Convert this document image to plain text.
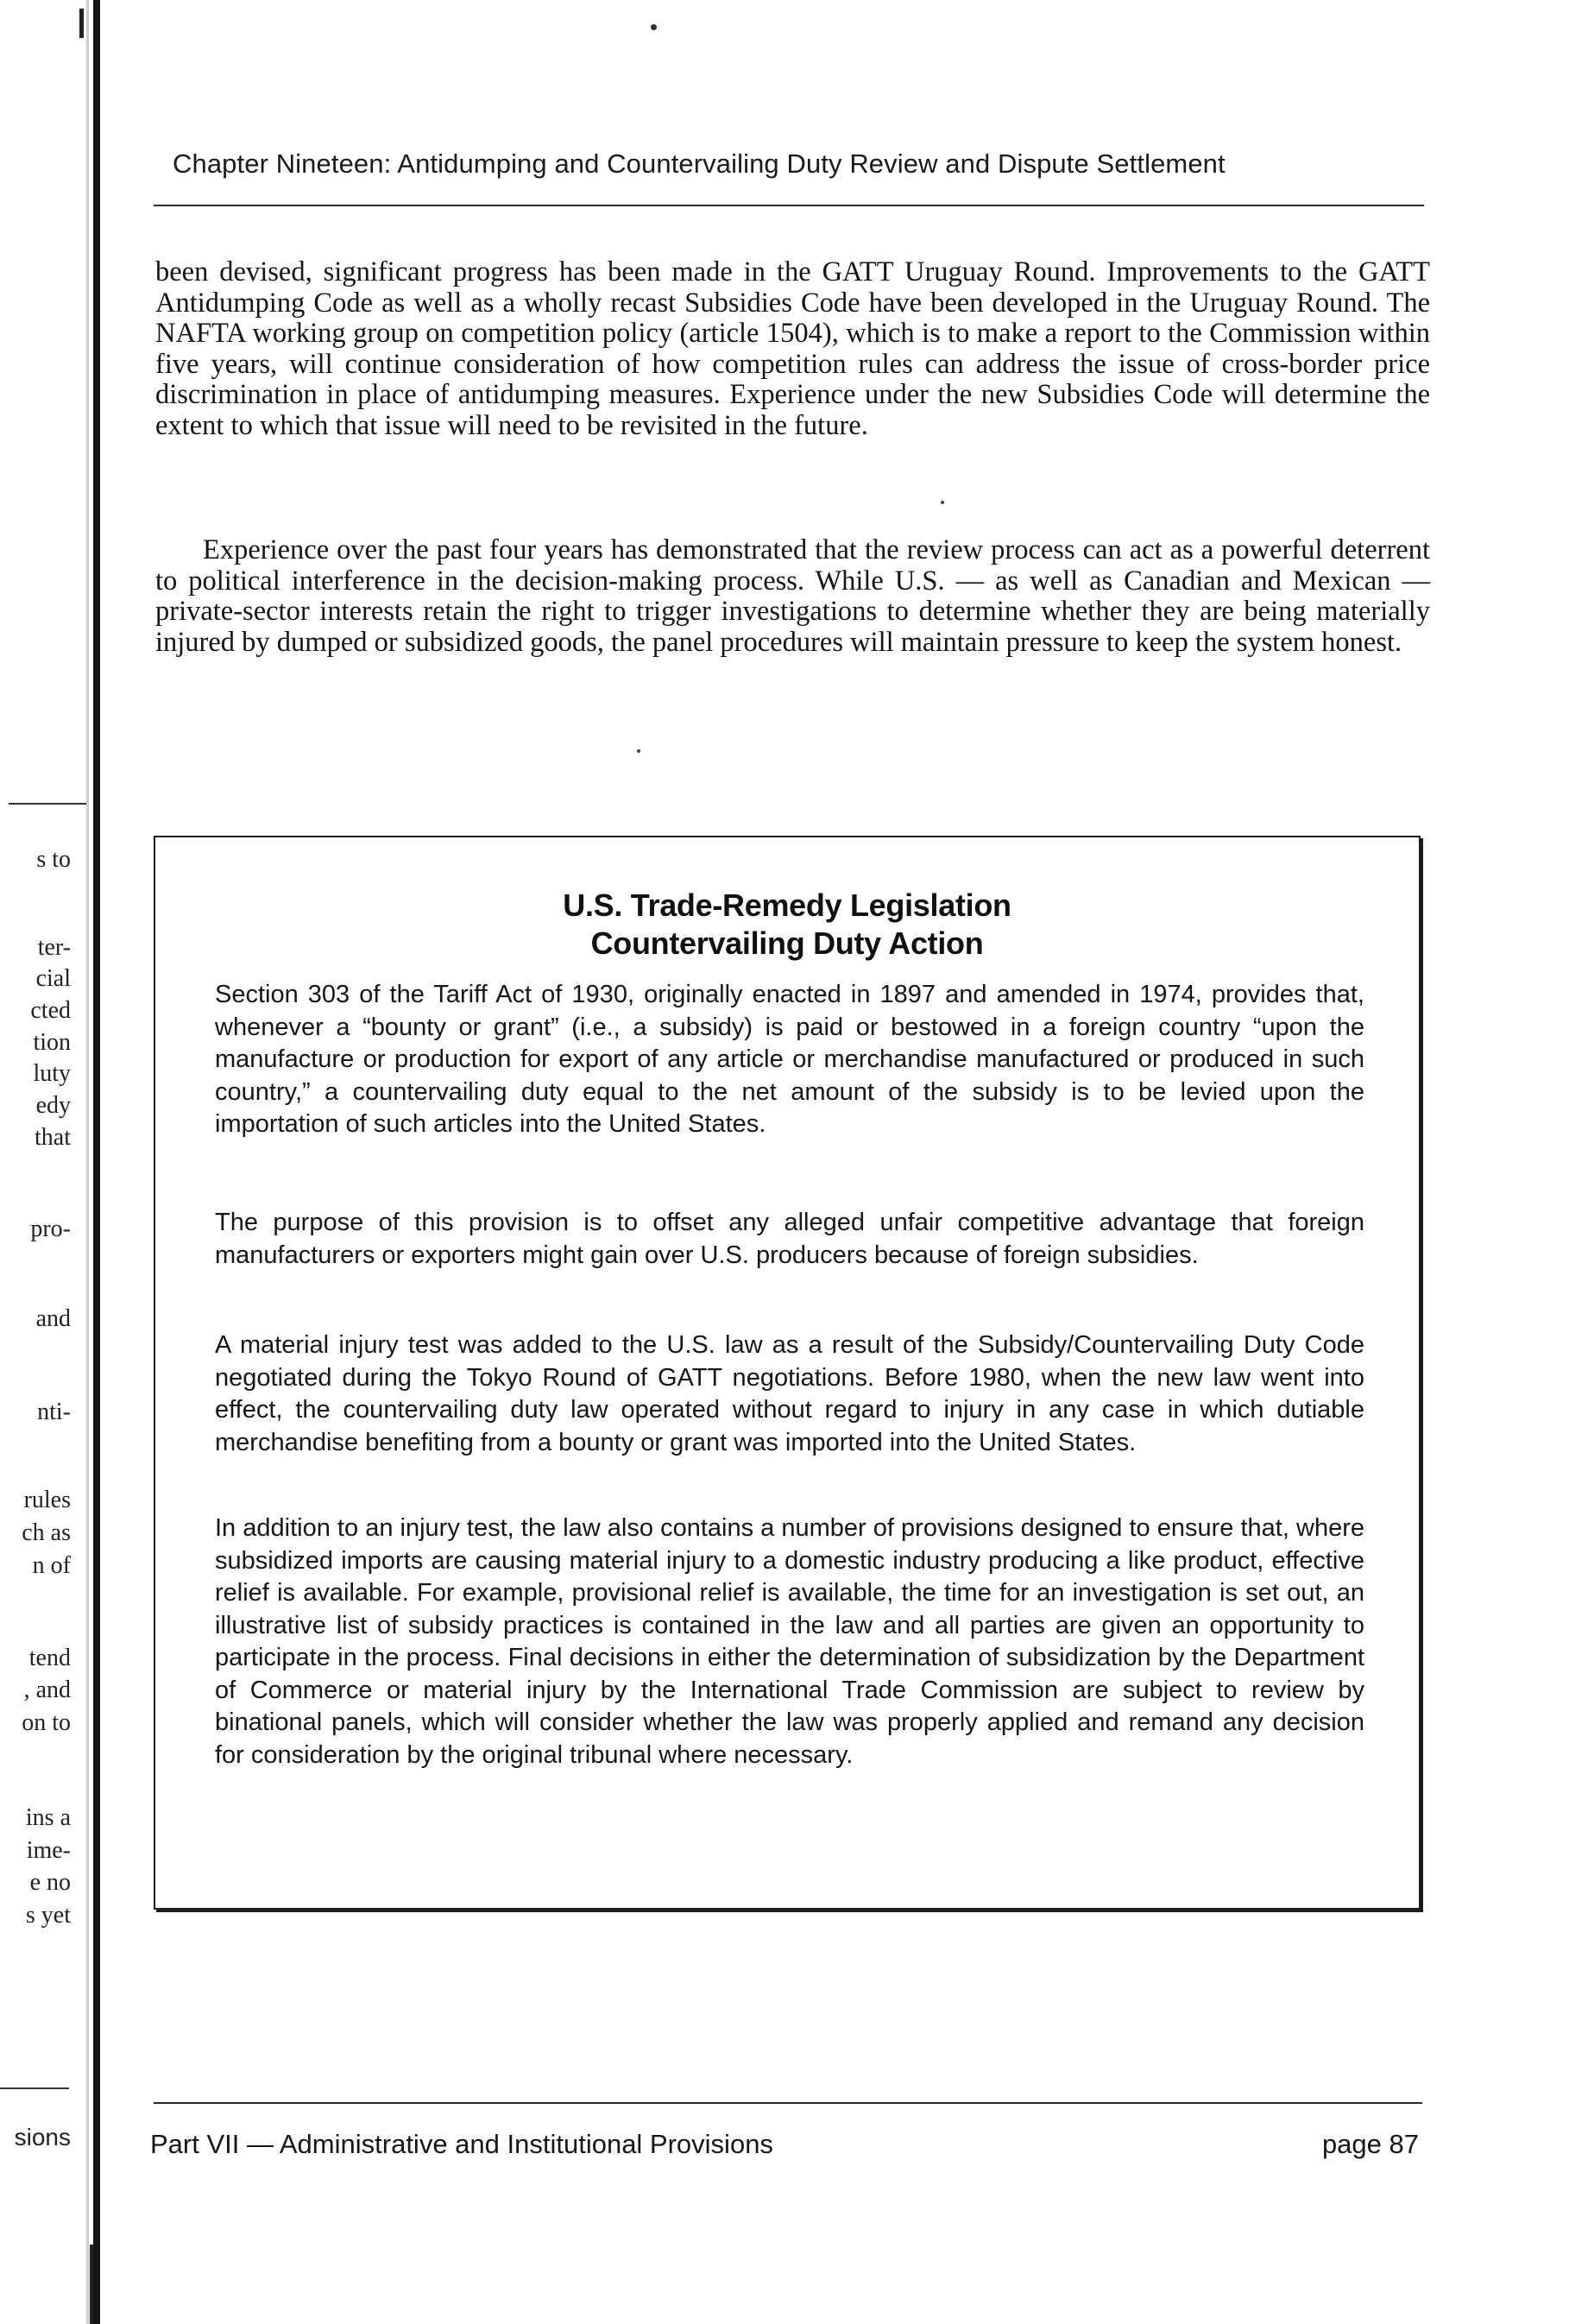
s to
ter-
cial
cted
tion
luty
edy
that
pro-
and
nti-
rules
ch as
n of
tend
, and
on to
ins a
ime-
e no
s yet
sions
Chapter Nineteen: Antidumping and Countervailing Duty Review and Dispute Settlement

been devised, significant progress has been made in the GATT Uruguay Round. Improvements to the GATT Antidumping Code as well as a wholly recast Subsidies Code have been developed in the Uruguay Round. The NAFTA working group on competition policy (article 1504), which is to make a report to the Commission within five years, will continue consideration of how competition rules can address the issue of cross-border price discrimination in place of antidumping measures. Experience under the new Subsidies Code will determine the extent to which that issue will need to be revisited in the future.

Experience over the past four years has demonstrated that the review process can act as a powerful deterrent to political interference in the decision-making process. While U.S. — as well as Canadian and Mexican — private-sector interests retain the right to trigger investigations to determine whether they are being materially injured by dumped or subsidized goods, the panel procedures will maintain pressure to keep the system honest.

U.S. Trade-Remedy Legislation
Countervailing Duty Action

Section 303 of the Tariff Act of 1930, originally enacted in 1897 and amended in 1974, provides that, whenever a “bounty or grant” (i.e., a subsidy) is paid or bestowed in a foreign country “upon the manufacture or production for export of any article or merchandise manufactured or produced in such country,” a countervailing duty equal to the net amount of the subsidy is to be levied upon the importation of such articles into the United States.

The purpose of this provision is to offset any alleged unfair competitive advantage that foreign manufacturers or exporters might gain over U.S. producers because of foreign subsidies.

A material injury test was added to the U.S. law as a result of the Subsidy/Countervailing Duty Code negotiated during the Tokyo Round of GATT negotiations. Before 1980, when the new law went into effect, the countervailing duty law operated without regard to injury in any case in which dutiable merchandise benefiting from a bounty or grant was imported into the United States.

In addition to an injury test, the law also contains a number of provisions designed to ensure that, where subsidized imports are causing material injury to a domestic industry producing a like product, effective relief is available. For example, provisional relief is available, the time for an investigation is set out, an illustrative list of subsidy practices is contained in the law and all parties are given an opportunity to participate in the process. Final decisions in either the determination of subsidization by the Department of Commerce or material injury by the International Trade Commission are subject to review by binational panels, which will consider whether the law was properly applied and remand any decision for consideration by the original tribunal where necessary.

Part VII — Administrative and Institutional Provisions	page 87
